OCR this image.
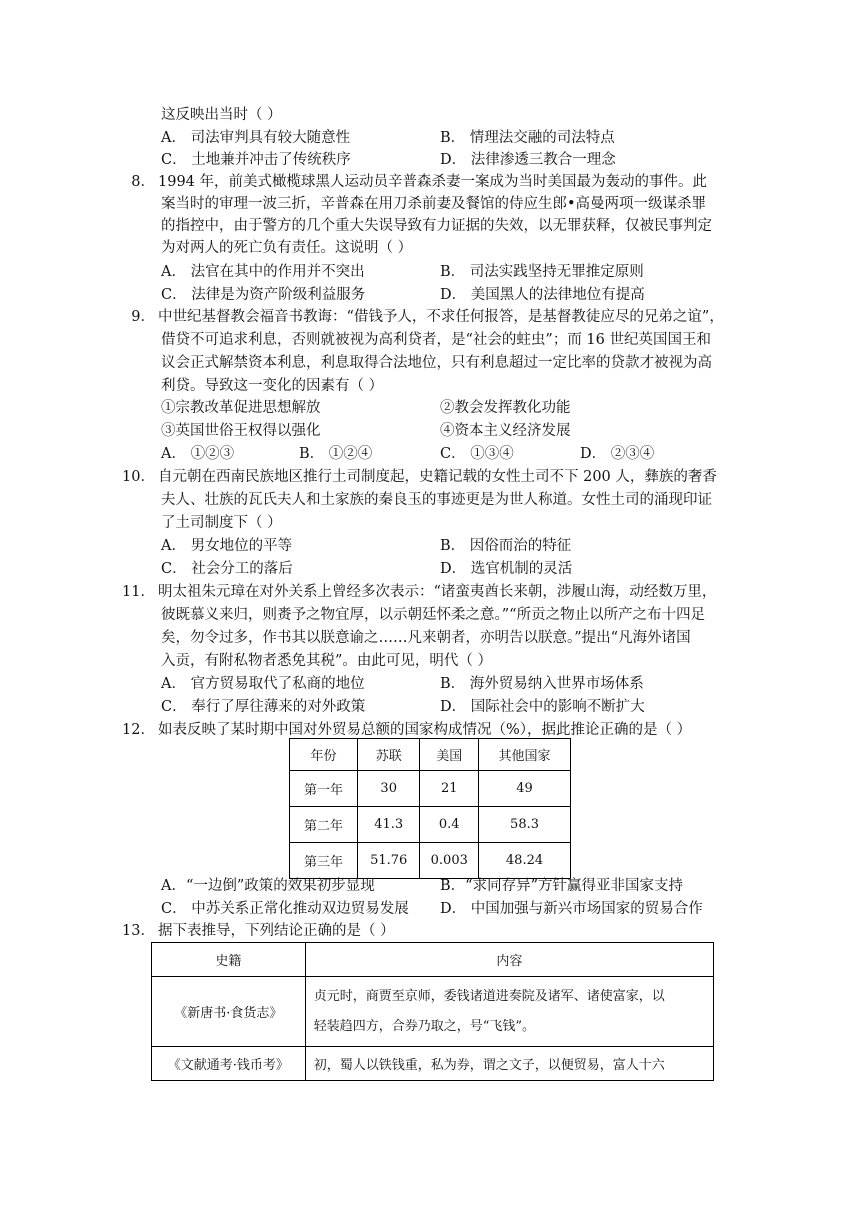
这反映出当时（ ）
A． 司法审判具有较大随意性	B． 情理法交融的司法特点
C． 土地兼并冲击了传统秩序	D． 法律渗透三教合一理念
8． 1994 年，前美式橄榄球黑人运动员辛普森杀妻一案成为当时美国最为轰动的事件。此
案当时的审理一波三折，辛普森在用刀杀前妻及餐馆的侍应生郎•高曼两项一级谋杀罪
的指控中，由于警方的几个重大失误导致有力证据的失效，以无罪获释，仅被民事判定
为对两人的死亡负有责任。这说明（ ）
A． 法官在其中的作用并不突出	B． 司法实践坚持无罪推定原则
C． 法律是为资产阶级利益服务	D． 美国黑人的法律地位有提高
9． 中世纪基督教会福音书教诲：“借钱予人，不求任何报答，是基督教徒应尽的兄弟之谊”，
借贷不可追求利息，否则就被视为高利贷者，是“社会的蛀虫”；而 16 世纪英国国王和
议会正式解禁资本利息，利息取得合法地位，只有利息超过一定比率的贷款才被视为高
利贷。导致这一变化的因素有（ ）
①宗教改革促进思想解放	②教会发挥教化功能
③英国世俗王权得以强化	④资本主义经济发展
A． ①②③	B． ①②④	C． ①③④	D． ②③④
10． 自元朝在西南民族地区推行土司制度起，史籍记载的女性土司不下 200 人，彝族的奢香
夫人、壮族的瓦氏夫人和土家族的秦良玉的事迹更是为世人称道。女性土司的涌现印证
了土司制度下（ ）
A． 男女地位的平等	B． 因俗而治的特征
C． 社会分工的落后	D． 选官机制的灵活
11． 明太祖朱元璋在对外关系上曾经多次表示：“诸蛮夷酋长来朝，涉履山海，动经数万里，
彼既慕义来归，则赉予之物宜厚，以示朝廷怀柔之意。”“所贡之物止以所产之布十四足
矣，勿令过多，作书其以朕意谕之……凡来朝者，亦明告以朕意。”提出“凡海外诸国
入贡，有附私物者悉免其税”。由此可见，明代（ ）
A． 官方贸易取代了私商的地位	B． 海外贸易纳入世界市场体系
C． 奉行了厚往薄来的对外政策	D． 国际社会中的影响不断扩大
12． 如表反映了某时期中国对外贸易总额的国家构成情况（%），据此推论正确的是（ ）
年份	苏联	美国	其他国家
第一年	30	21	49
第二年	41.3	0.4	58.3
第三年	51.76	0.003	48.24
A．“一边倒”政策的效果初步显现	B．“求同存异”方针赢得亚非国家支持
C． 中苏关系正常化推动双边贸易发展 D． 中国加强与新兴市场国家的贸易合作
13． 据下表推导，下列结论正确的是（ ）
史籍	内容
《新唐书·食货志》	贞元时，商贾至京师，委钱诸道进奏院及诸军、诸使富家，以
轻装趋四方，合券乃取之，号“飞钱”。

《文献通考·钱币考》	初，蜀人以铁钱重，私为券，谓之文子，以便贸易，富人十六
